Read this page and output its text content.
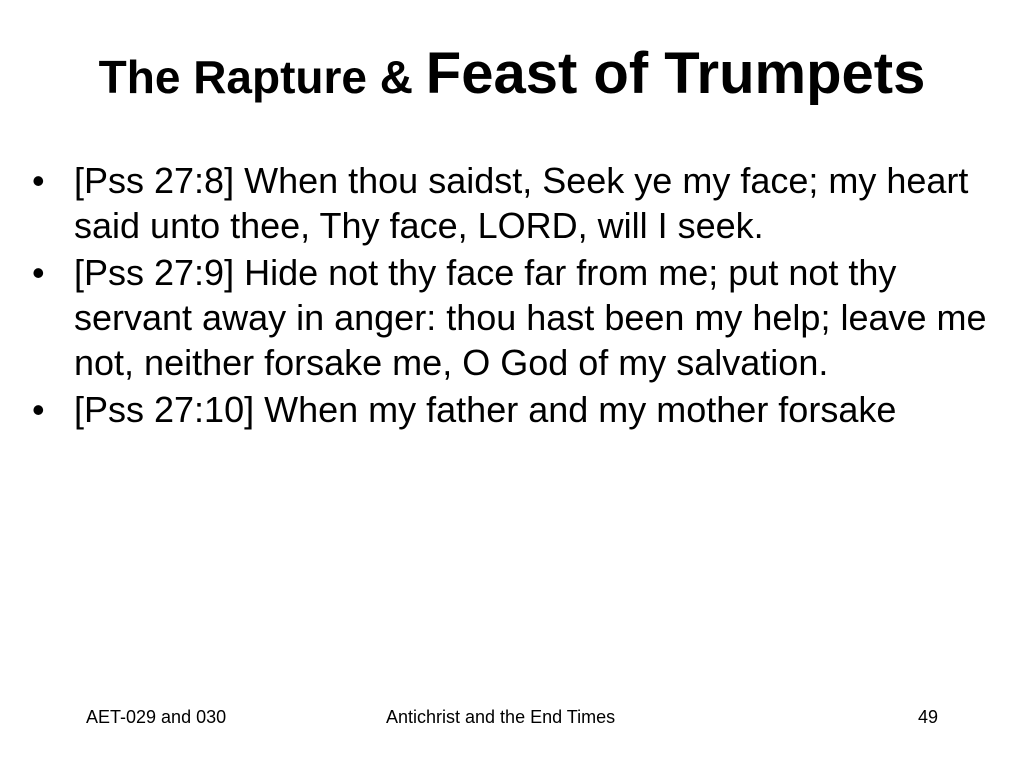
The Rapture & Feast of Trumpets
• [Pss 27:8] When thou saidst, Seek ye my face; my heart said unto thee, Thy face, LORD, will I seek.
• [Pss 27:9] Hide not thy face far from me; put not thy servant away in anger: thou hast been my help; leave me not, neither forsake me, O God of my salvation.
• [Pss 27:10] When my father and my mother forsake
AET-029 and 030	Antichrist and the End Times	49
